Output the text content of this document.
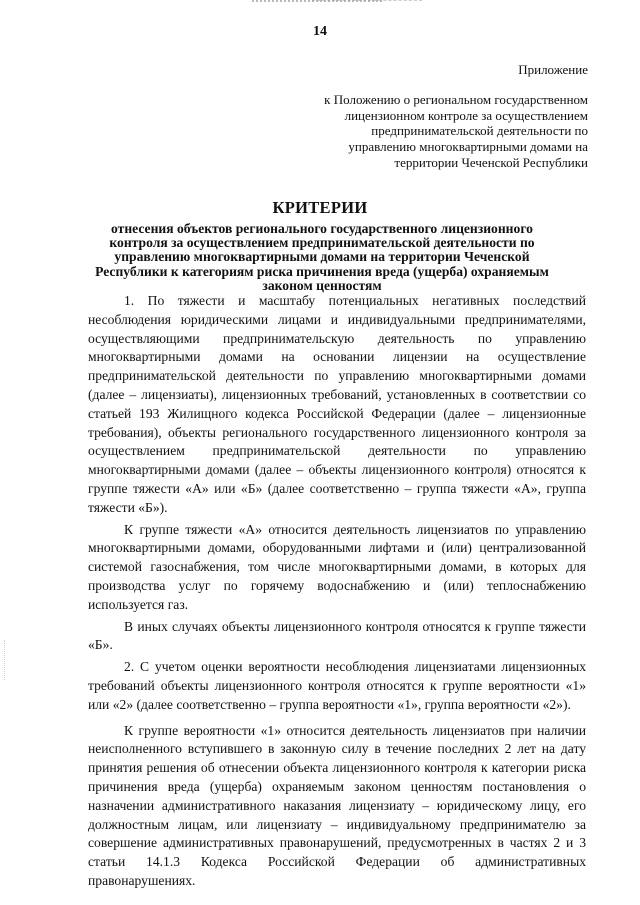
14
Приложение
к Положению о региональном государственном
лицензионном контроле за осуществлением
предпринимательской деятельности по
управлению многоквартирными домами на
территории Чеченской Республики
КРИТЕРИИ
отнесения объектов регионального государственного лицензионного контроля за осуществлением предпринимательской деятельности по управлению многоквартирными домами на территории Чеченской Республики к категориям риска причинения вреда (ущерба) охраняемым законом ценностям

1. По тяжести и масштабу потенциальных негативных последствий несоблюдения юридическими лицами и индивидуальными предпринимателями, осуществляющими предпринимательскую деятельность по управлению многоквартирными домами на основании лицензии на осуществление предпринимательской деятельности по управлению многоквартирными домами (далее – лицензиаты), лицензионных требований, установленных в соответствии со статьей 193 Жилищного кодекса Российской Федерации (далее – лицензионные требования), объекты регионального государственного лицензионного контроля за осуществлением предпринимательской деятельности по управлению многоквартирными домами (далее – объекты лицензионного контроля) относятся к группе тяжести «А» или «Б» (далее соответственно – группа тяжести «А», группа тяжести «Б»).

К группе тяжести «А» относится деятельность лицензиатов по управлению многоквартирными домами, оборудованными лифтами и (или) централизованной системой газоснабжения, том числе многоквартирными домами, в которых для производства услуг по горячему водоснабжению и (или) теплоснабжению используется газ.

В иных случаях объекты лицензионного контроля относятся к группе тяжести «Б».

2. С учетом оценки вероятности несоблюдения лицензиатами лицензионных требований объекты лицензионного контроля относятся к группе вероятности «1» или «2» (далее соответственно – группа вероятности «1», группа вероятности «2»).

К группе вероятности «1» относится деятельность лицензиатов при наличии неисполненного вступившего в законную силу в течение последних 2 лет на дату принятия решения об отнесении объекта лицензионного контроля к категории риска причинения вреда (ущерба) охраняемым законом ценностям постановления о назначении административного наказания лицензиату – юридическому лицу, его должностным лицам, или лицензиату – индивидуальному предпринимателю за совершение административных правонарушений, предусмотренных в частях 2 и 3 статьи 14.1.3 Кодекса Российской Федерации об административных правонарушениях.
